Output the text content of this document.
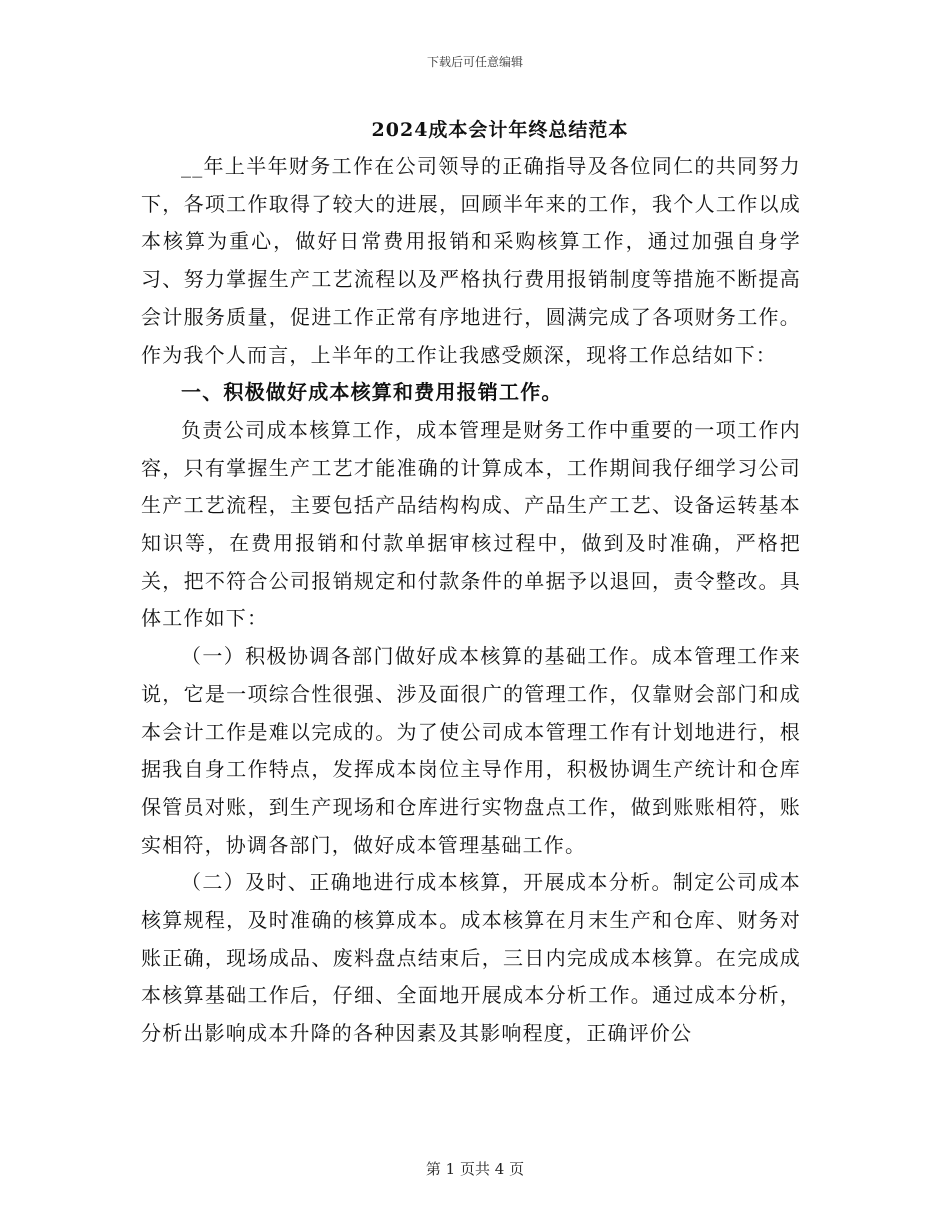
下载后可任意编辑
2024成本会计年终总结范本

__年上半年财务工作在公司领导的正确指导及各位同仁的共同努力下，各项工作取得了较大的进展，回顾半年来的工作，我个人工作以成本核算为重心，做好日常费用报销和采购核算工作，通过加强自身学习、努力掌握生产工艺流程以及严格执行费用报销制度等措施不断提高会计服务质量，促进工作正常有序地进行，圆满完成了各项财务工作。作为我个人而言，上半年的工作让我感受颇深，现将工作总结如下：

一、积极做好成本核算和费用报销工作。

负责公司成本核算工作，成本管理是财务工作中重要的一项工作内容，只有掌握生产工艺才能准确的计算成本，工作期间我仔细学习公司生产工艺流程，主要包括产品结构构成、产品生产工艺、设备运转基本知识等，在费用报销和付款单据审核过程中，做到及时准确，严格把关，把不符合公司报销规定和付款条件的单据予以退回，责令整改。具体工作如下：

（一）积极协调各部门做好成本核算的基础工作。成本管理工作来说，它是一项综合性很强、涉及面很广的管理工作，仅靠财会部门和成本会计工作是难以完成的。为了使公司成本管理工作有计划地进行，根据我自身工作特点，发挥成本岗位主导作用，积极协调生产统计和仓库保管员对账，到生产现场和仓库进行实物盘点工作，做到账账相符，账实相符，协调各部门，做好成本管理基础工作。

（二）及时、正确地进行成本核算，开展成本分析。制定公司成本核算规程，及时准确的核算成本。成本核算在月末生产和仓库、财务对账正确，现场成品、废料盘点结束后，三日内完成成本核算。在完成成本核算基础工作后，仔细、全面地开展成本分析工作。通过成本分析，分析出影响成本升降的各种因素及其影响程度，正确评价公

第 1 页共 4 页
